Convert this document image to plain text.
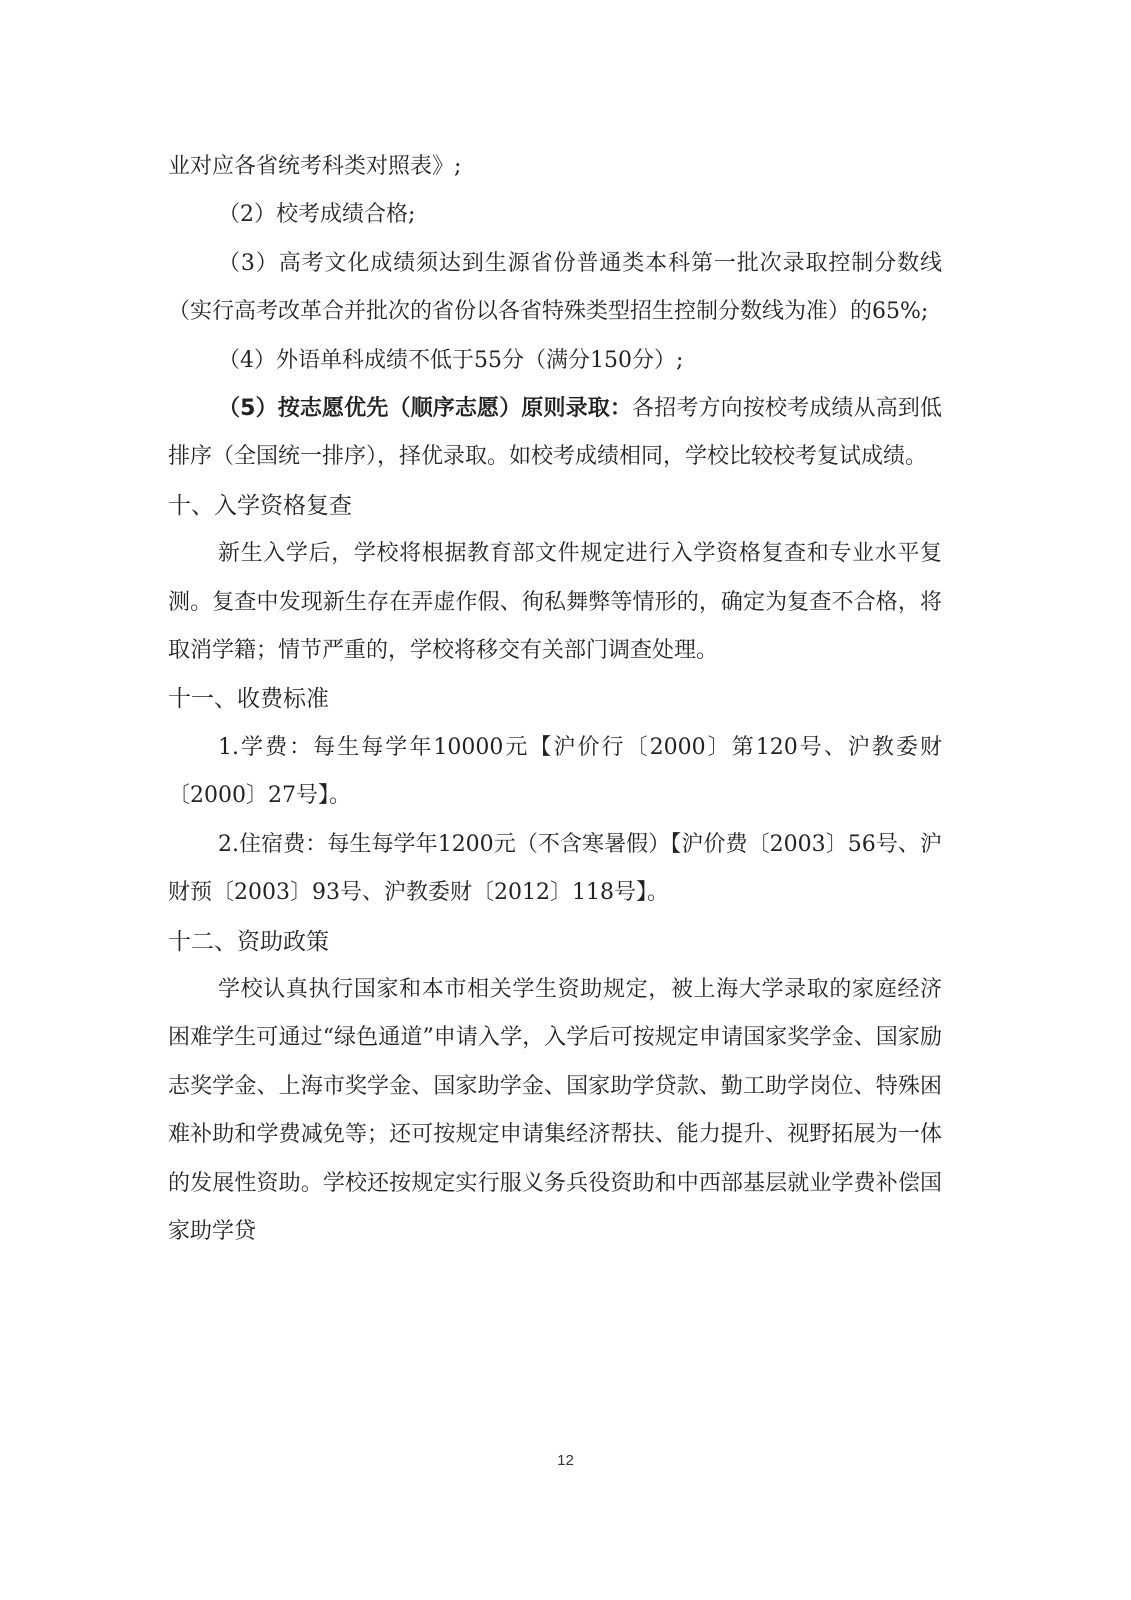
业对应各省统考科类对照表》;

（2）校考成绩合格;

（3）高考文化成绩须达到生源省份普通类本科第一批次录取控制分数线（实行高考改革合并批次的省份以各省特殊类型招生控制分数线为准）的65%;

（4）外语单科成绩不低于55分（满分150分）;

（5）按志愿优先（顺序志愿）原则录取：各招考方向按校考成绩从高到低排序（全国统一排序），择优录取。如校考成绩相同，学校比较校考复试成绩。

十、入学资格复查

新生入学后，学校将根据教育部文件规定进行入学资格复查和专业水平复测。复查中发现新生存在弄虚作假、徇私舞弊等情形的，确定为复查不合格，将取消学籍；情节严重的，学校将移交有关部门调查处理。

十一、收费标准

1.学费：每生每学年10000元【沪价行〔2000〕第120号、沪教委财〔2000〕27号】。

2.住宿费：每生每学年1200元（不含寒暑假）【沪价费〔2003〕56号、沪财预〔2003〕93号、沪教委财〔2012〕118号】。

十二、资助政策

学校认真执行国家和本市相关学生资助规定，被上海大学录取的家庭经济困难学生可通过“绿色通道”申请入学，入学后可按规定申请国家奖学金、国家励志奖学金、上海市奖学金、国家助学金、国家助学贷款、勤工助学岗位、特殊困难补助和学费减免等；还可按规定申请集经济帮扶、能力提升、视野拓展为一体的发展性资助。学校还按规定实行服义务兵役资助和中西部基层就业学费补偿国家助学贷

12
